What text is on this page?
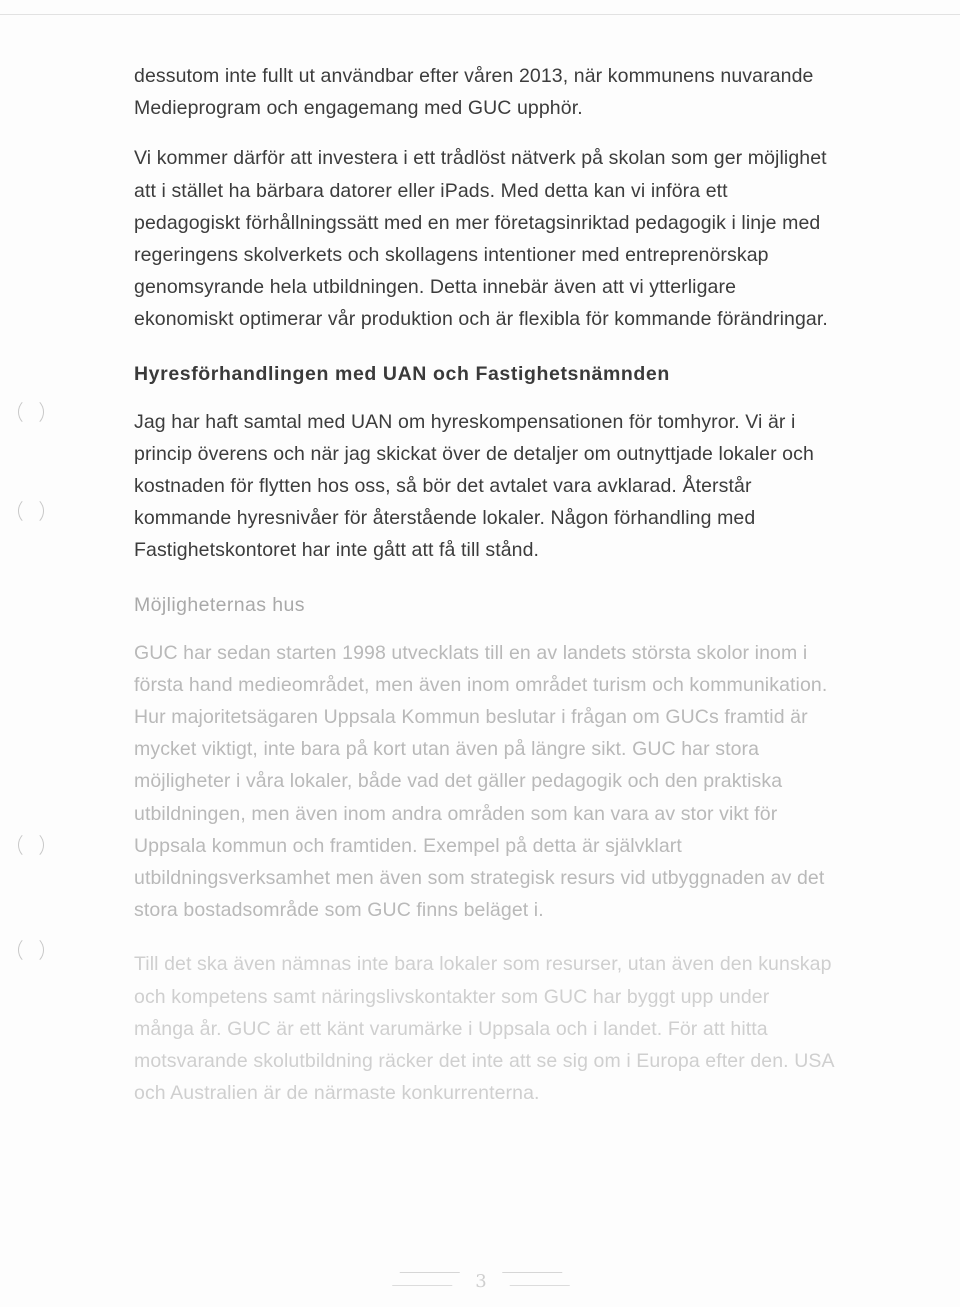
dessutom inte fullt ut användbar efter våren 2013, när kommunens nuvarande Medieprogram och engagemang med GUC upphör.

Vi kommer därför att investera i ett trådlöst nätverk på skolan som ger möjlighet att i stället ha bärbara datorer eller iPads. Med detta kan vi införa ett pedagogiskt förhållningssätt med en mer företagsinriktad pedagogik i linje med regeringens skolverkets och skollagens intentioner med entreprenörskap genomsyrande hela utbildningen. Detta innebär även att vi ytterligare ekonomiskt optimerar vår produktion och är flexibla för kommande förändringar.

Hyresförhandlingen med UAN och Fastighetsnämnden

Jag har haft samtal med UAN om hyreskompensationen för tomhyror. Vi är i princip överens och när jag skickat över de detaljer om outnyttjade lokaler och kostnaden för flytten hos oss, så bör det avtalet vara avklarad. Återstår kommande hyresnivåer för återstående lokaler. Någon förhandling med Fastighetskontoret har inte gått att få till stånd.

Möjligheternas hus

GUC har sedan starten 1998 utvecklats till en av landets största skolor inom i första hand medieområdet, men även inom området turism och kommunikation. Hur majoritetsägaren Uppsala Kommun beslutar i frågan om GUCs framtid är mycket viktigt, inte bara på kort utan även på längre sikt. GUC har stora möjligheter i våra lokaler, både vad det gäller pedagogik och den praktiska utbildningen, men även inom andra områden som kan vara av stor vikt för Uppsala kommun och framtiden. Exempel på detta är självklart utbildningsverksamhet men även som strategisk resurs vid utbyggnaden av det stora bostadsområde som GUC finns beläget i.

Till det ska även nämnas inte bara lokaler som resurser, utan även den kunskap och kompetens samt näringslivskontakter som GUC har byggt upp under många år. GUC är ett känt varumärke i Uppsala och i landet. För att hitta motsvarande skolutbildning räcker det inte att se sig om i Europa efter den. USA och Australien är de närmaste konkurrenterna.

3
